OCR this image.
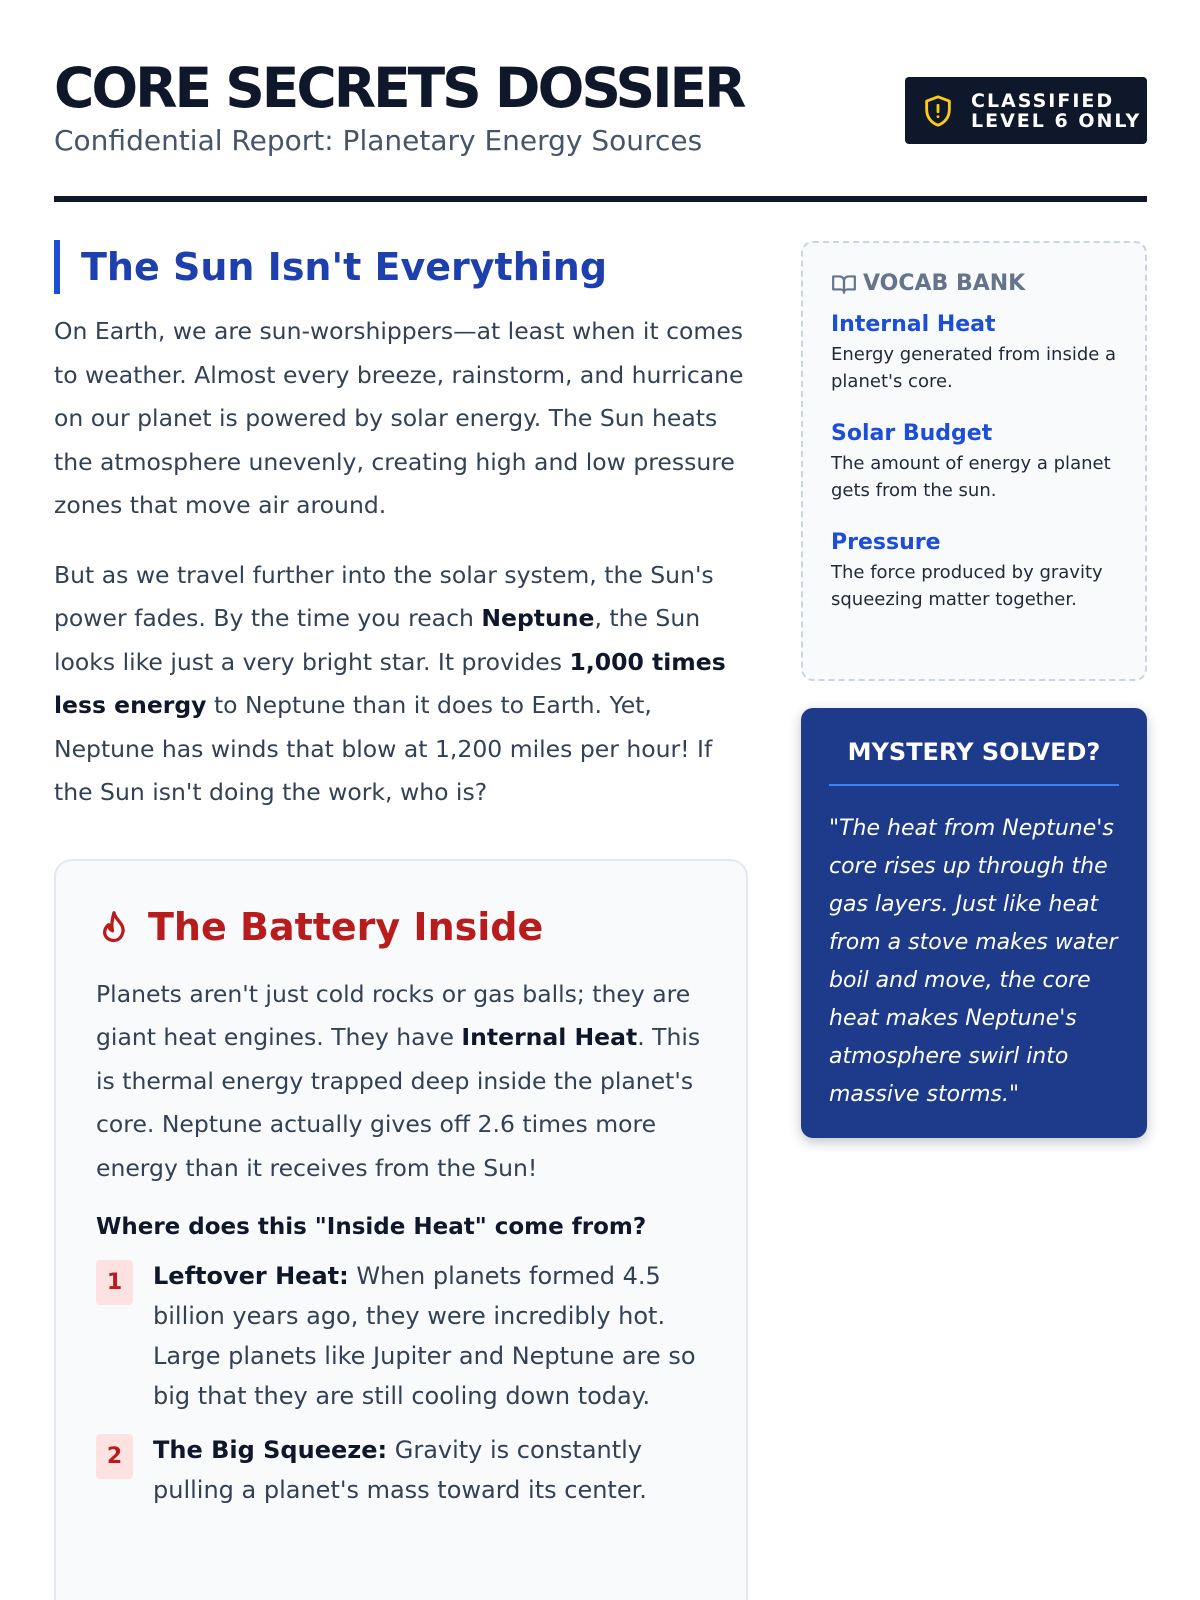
CORE SECRETS DOSSIER
Confidential Report: Planetary Energy Sources
CLASSIFIED
LEVEL 6 ONLY
The Sun Isn't Everything

On Earth, we are sun-worshippers—at least when it comes to weather. Almost every breeze, rainstorm, and hurricane on our planet is powered by solar energy. The Sun heats the atmosphere unevenly, creating high and low pressure zones that move air around.

But as we travel further into the solar system, the Sun's power fades. By the time you reach Neptune, the Sun looks like just a very bright star. It provides 1,000 times less energy to Neptune than it does to Earth. Yet, Neptune has winds that blow at 1,200 miles per hour! If the Sun isn't doing the work, who is?

The Battery Inside

Planets aren't just cold rocks or gas balls; they are giant heat engines. They have Internal Heat. This is thermal energy trapped deep inside the planet's core. Neptune actually gives off 2.6 times more energy than it receives from the Sun!

Where does this "Inside Heat" come from?
1	Leftover Heat: When planets formed 4.5 billion years ago, they were incredibly hot. Large planets like Jupiter and Neptune are so big that they are still cooling down today.
2	The Big Squeeze: Gravity is constantly pulling a planet's mass toward its center.
VOCAB BANK
Internal Heat
Energy generated from inside a planet's core.
Solar Budget
The amount of energy a planet gets from the sun.
Pressure
The force produced by gravity squeezing matter together.
MYSTERY SOLVED?

"The heat from Neptune's core rises up through the gas layers. Just like heat from a stove makes water boil and move, the core heat makes Neptune's atmosphere swirl into massive storms."
